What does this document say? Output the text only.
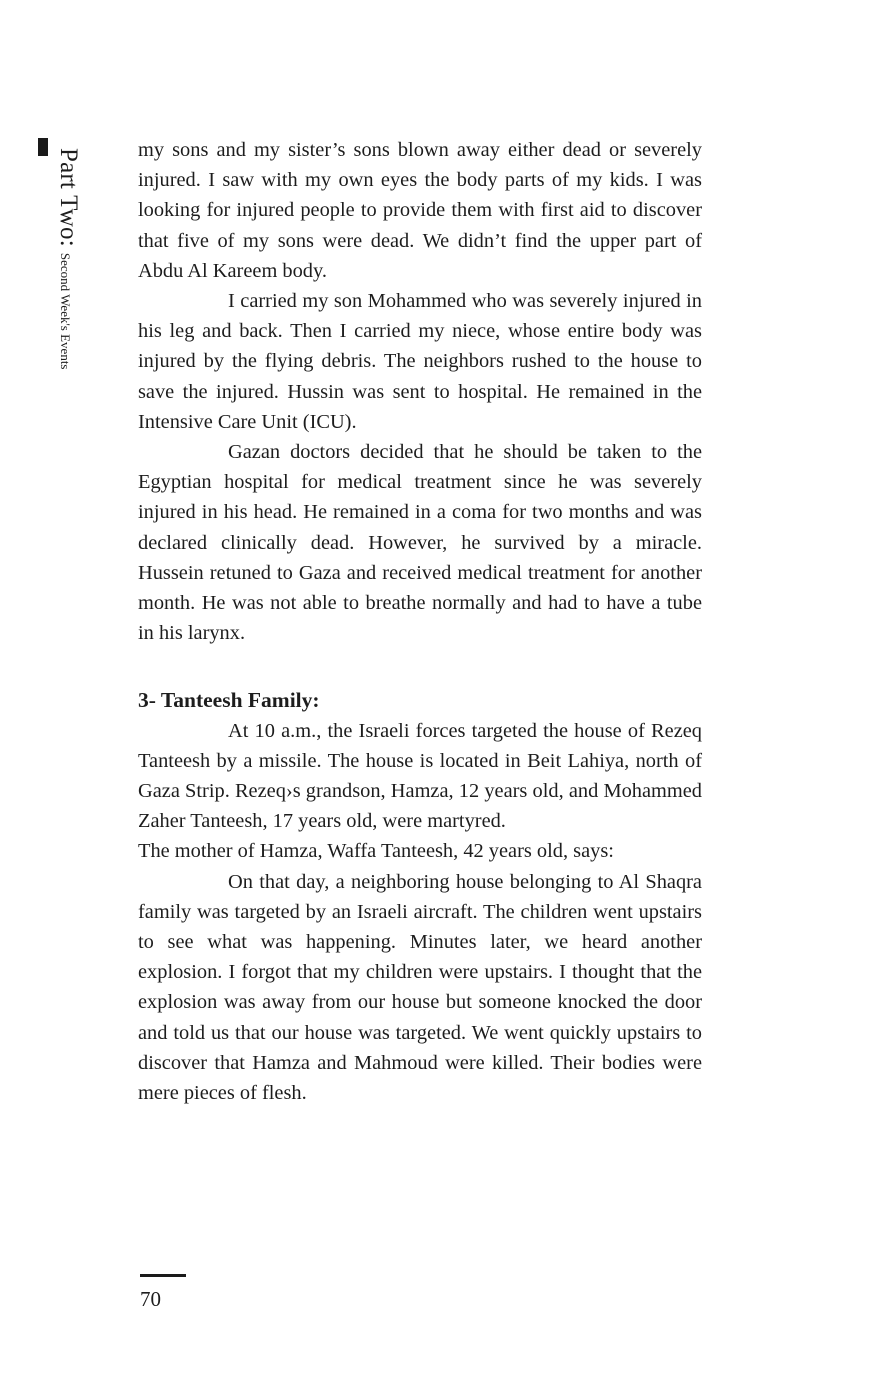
Part Two:Second Week's Events

my sons and my sister’s sons blown away either dead or severely injured. I saw with my own eyes the body parts of my kids. I was looking for injured people to provide them with first aid to discover that five of my sons were dead. We didn’t find the upper part of Abdu Al Kareem body.

I carried my son Mohammed who was severely injured in his leg and back. Then I carried my niece, whose entire body was injured by the flying debris. The neighbors rushed to the house to save the injured. Hussin was sent to hospital. He remained in the Intensive Care Unit (ICU).

Gazan doctors decided that he should be taken to the Egyptian hospital for medical treatment since he was severely injured in his head. He remained in a coma for two months and was declared clinically dead. However, he survived by a miracle. Hussein retuned to Gaza and received medical treatment for another month. He was not able to breathe normally and had to have a tube in his larynx.

3- Tanteesh Family:

At 10 a.m., the Israeli forces targeted the house of Rezeq Tanteesh by a missile. The house is located in Beit Lahiya, north of Gaza Strip. Rezeq›s grandson, Hamza, 12 years old, and Mohammed Zaher Tanteesh, 17 years old, were martyred.

The mother of Hamza, Waffa Tanteesh, 42 years old, says:

On that day, a neighboring house belonging to Al Shaqra family was targeted by an Israeli aircraft. The children went upstairs to see what was happening. Minutes later, we heard another explosion. I forgot that my children were upstairs. I thought that the explosion was away from our house but someone knocked the door and told us that our house was targeted. We went quickly upstairs to discover that Hamza and Mahmoud were killed. Their bodies were mere pieces of flesh.

70
